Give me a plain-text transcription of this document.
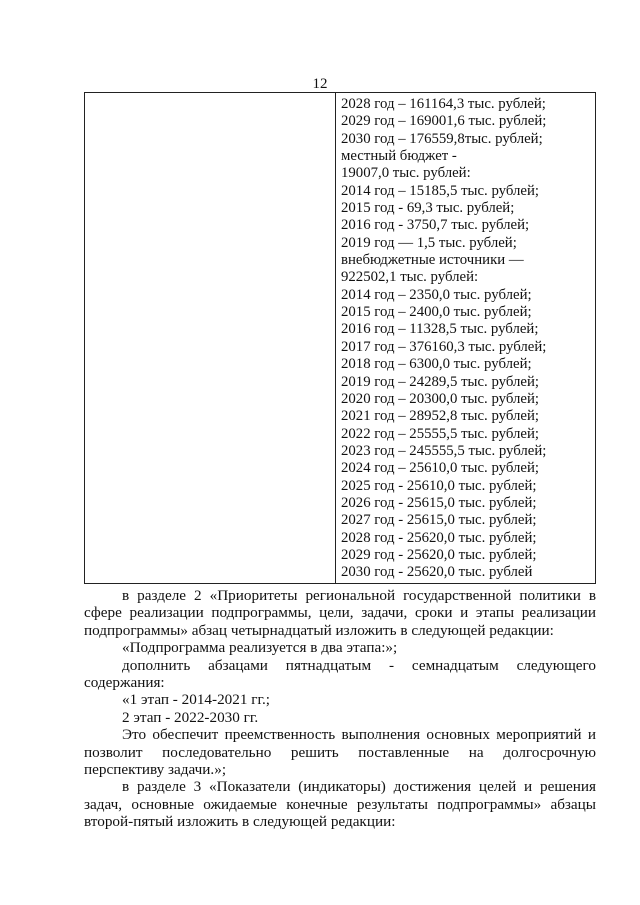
12
2028 год – 161164,3 тыс. рублей;
2029 год – 169001,6 тыс. рублей;
2030 год – 176559,8тыс. рублей;
местный бюджет -
19007,0 тыс. рублей:
2014 год – 15185,5 тыс. рублей;
2015 год - 69,3 тыс. рублей;
2016 год - 3750,7 тыс. рублей;
2019 год — 1,5 тыс. рублей;
внебюджетные источники —
922502,1 тыс. рублей:
2014 год – 2350,0 тыс. рублей;
2015 год – 2400,0 тыс. рублей;
2016 год – 11328,5 тыс. рублей;
2017 год – 376160,3 тыс. рублей;
2018 год – 6300,0 тыс. рублей;
2019 год – 24289,5 тыс. рублей;
2020 год – 20300,0 тыс. рублей;
2021 год – 28952,8 тыс. рублей;
2022 год – 25555,5 тыс. рублей;
2023 год – 245555,5 тыс. рублей;
2024 год – 25610,0 тыс. рублей;
2025 год - 25610,0 тыс. рублей;
2026 год - 25615,0 тыс. рублей;
2027 год - 25615,0 тыс. рублей;
2028 год - 25620,0 тыс. рублей;
2029 год - 25620,0 тыс. рублей;
2030 год - 25620,0 тыс. рублей

в разделе 2 «Приоритеты региональной государственной политики в сфере реализации подпрограммы, цели, задачи, сроки и этапы реализации подпрограммы» абзац четырнадцатый изложить в следующей редакции:

«Подпрограмма реализуется в два этапа:»;

дополнить абзацами пятнадцатым - семнадцатым следующего

содержания:

«1 этап - 2014-2021 гг.;

2 этап - 2022-2030 гг.

Это обеспечит преемственность выполнения основных мероприятий и позволит последовательно решить поставленные на долгосрочную перспективу задачи.»;

в разделе 3 «Показатели (индикаторы) достижения целей и решения задач, основные ожидаемые конечные результаты подпрограммы» абзацы второй-пятый изложить в следующей редакции:
